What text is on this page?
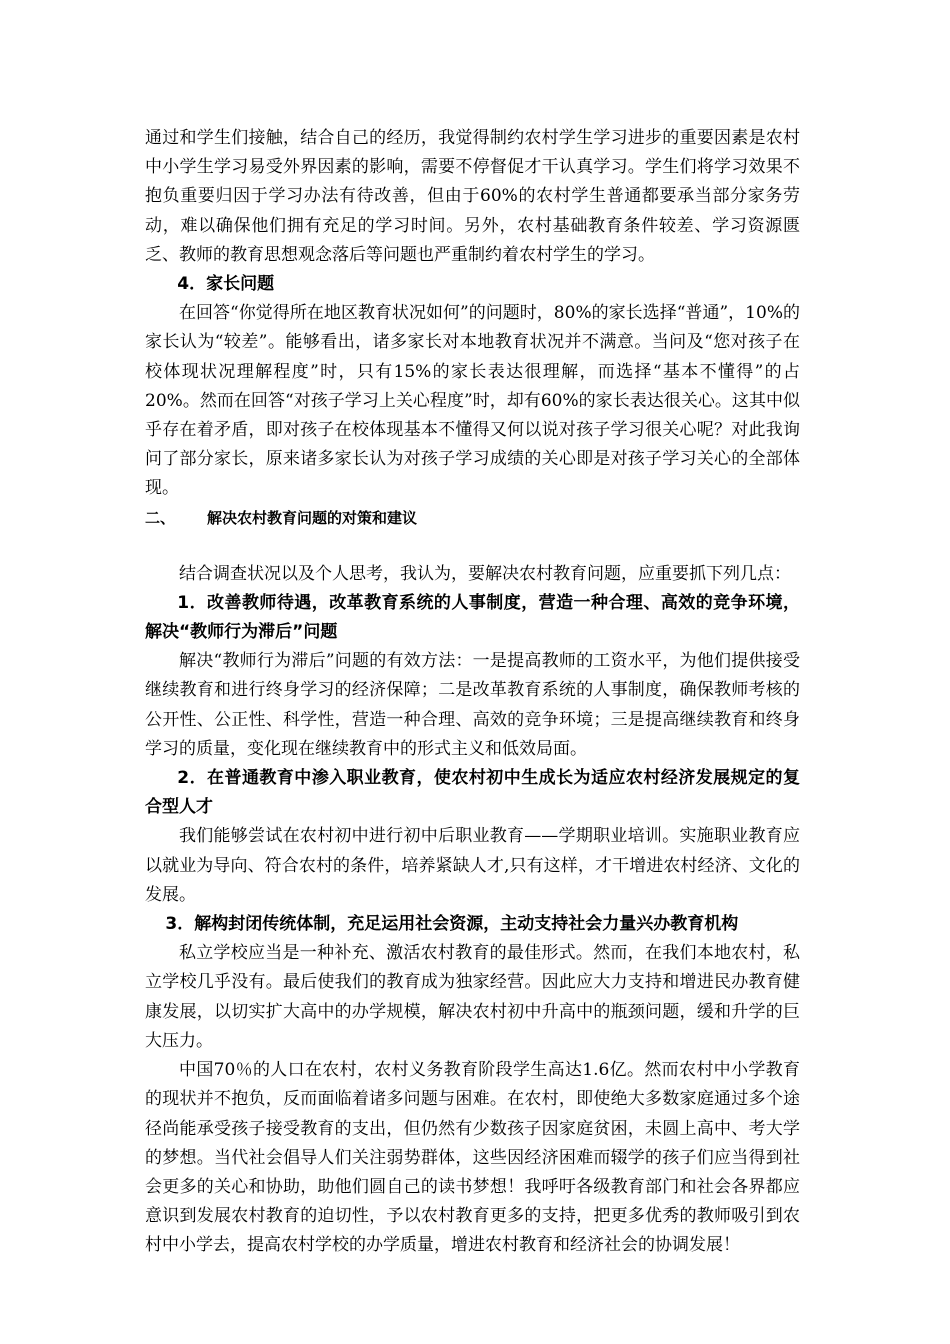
通过和学生们接触，结合自己的经历，我觉得制约农村学生学习进步的重要因素是农村中小学生学习易受外界因素的影响，需要不停督促才干认真学习。学生们将学习效果不抱负重要归因于学习办法有待改善，但由于60%的农村学生普通都要承当部分家务劳动，难以确保他们拥有充足的学习时间。另外，农村基础教育条件较差、学习资源匮乏、教师的教育思想观念落后等问题也严重制约着农村学生的学习。

4．家长问题

在回答“你觉得所在地区教育状况如何”的问题时，80%的家长选择“普通”，10%的家长认为“较差”。能够看出，诸多家长对本地教育状况并不满意。当问及“您对孩子在校体现状况理解程度”时，只有15%的家长表达很理解，而选择“基本不懂得”的占20%。然而在回答“对孩子学习上关心程度”时，却有60%的家长表达很关心。这其中似乎存在着矛盾，即对孩子在校体现基本不懂得又何以说对孩子学习很关心呢？对此我询问了部分家长，原来诸多家长认为对孩子学习成绩的关心即是对孩子学习关心的全部体现。

二、 解决农村教育问题的对策和建议

结合调查状况以及个人思考，我认为，要解决农村教育问题，应重要抓下列几点：

1．改善教师待遇，改革教育系统的人事制度，营造一种合理、高效的竞争环境，解决“教师行为滞后”问题

解决“教师行为滞后”问题的有效方法：一是提高教师的工资水平，为他们提供接受继续教育和进行终身学习的经济保障；二是改革教育系统的人事制度，确保教师考核的公开性、公正性、科学性，营造一种合理、高效的竞争环境；三是提高继续教育和终身学习的质量，变化现在继续教育中的形式主义和低效局面。

2．在普通教育中渗入职业教育，使农村初中生成长为适应农村经济发展规定的复合型人才

我们能够尝试在农村初中进行初中后职业教育——学期职业培训。实施职业教育应以就业为导向、符合农村的条件，培养紧缺人才,只有这样，才干增进农村经济、文化的发展。

3．解构封闭传统体制，充足运用社会资源，主动支持社会力量兴办教育机构

私立学校应当是一种补充、激活农村教育的最佳形式。然而，在我们本地农村，私立学校几乎没有。最后使我们的教育成为独家经营。因此应大力支持和增进民办教育健康发展，以切实扩大高中的办学规模，解决农村初中升高中的瓶颈问题，缓和升学的巨大压力。

中国70％的人口在农村，农村义务教育阶段学生高达1.6亿。然而农村中小学教育的现状并不抱负，反而面临着诸多问题与困难。在农村，即使绝大多数家庭通过多个途径尚能承受孩子接受教育的支出，但仍然有少数孩子因家庭贫困，未圆上高中、考大学的梦想。当代社会倡导人们关注弱势群体，这些因经济困难而辍学的孩子们应当得到社会更多的关心和协助，助他们圆自己的读书梦想！我呼吁各级教育部门和社会各界都应意识到发展农村教育的迫切性，予以农村教育更多的支持，把更多优秀的教师吸引到农村中小学去，提高农村学校的办学质量，增进农村教育和经济社会的协调发展！
